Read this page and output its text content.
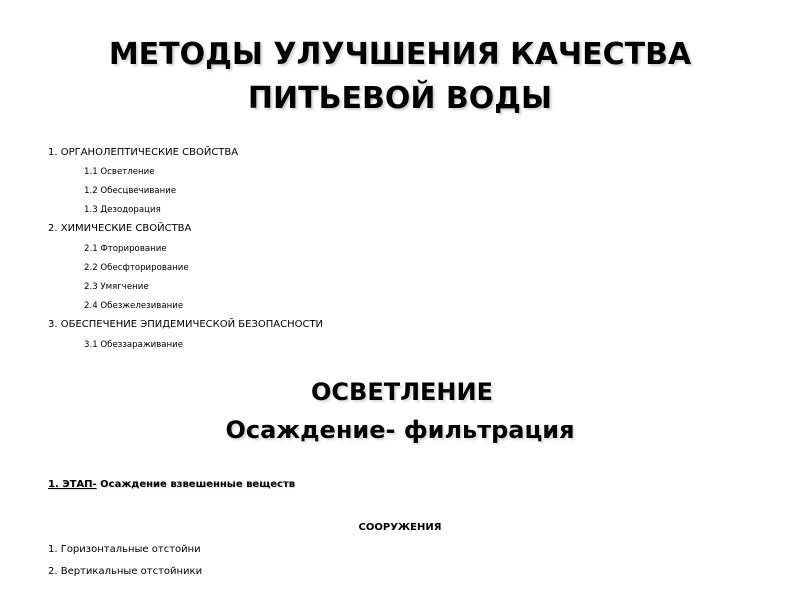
МЕТОДЫ УЛУЧШЕНИЯ КАЧЕСТВА
ПИТЬЕВОЙ ВОДЫ
1. ОРГАНОЛЕПТИЧЕСКИЕ СВОЙСТВА
1.1 Осветление
1.2 Обесцвечивание
1.3 Дезодорация
2. ХИМИЧЕСКИЕ СВОЙСТВА
2.1 Фторирование
2.2 Обесфторирование
2.3 Умягчение
2.4 Обезжелезивание
3. ОБЕСПЕЧЕНИЕ ЭПИДЕМИЧЕСКОЙ БЕЗОПАСНОСТИ
3.1 Обеззараживание
ОСВЕТЛЕНИЕ
Осаждение- фильтрация
1. ЭТАП- Осаждение взвешенные веществ
СООРУЖЕНИЯ
1. Горизонтальные отстойни
2. Вертикальные отстойники
